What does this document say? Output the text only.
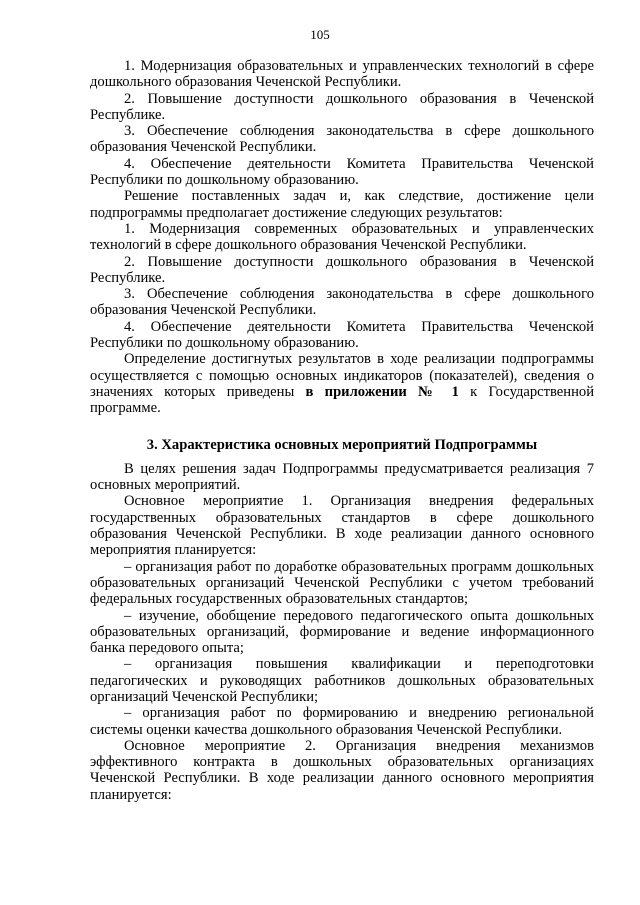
105

1. Модернизация образовательных и управленческих технологий в сфере дошкольного образования Чеченской Республики.

2. Повышение доступности дошкольного образования в Чеченской Республике.

3. Обеспечение соблюдения законодательства в сфере дошкольного образования Чеченской Республики.

4. Обеспечение деятельности Комитета Правительства Чеченской Республики по дошкольному образованию.

Решение поставленных задач и, как следствие, достижение цели подпрограммы предполагает достижение следующих результатов:

1. Модернизация современных образовательных и управленческих технологий в сфере дошкольного образования Чеченской Республики.

2. Повышение доступности дошкольного образования в Чеченской Республике.

3. Обеспечение соблюдения законодательства в сфере дошкольного образования Чеченской Республики.

4. Обеспечение деятельности Комитета Правительства Чеченской Республики по дошкольному образованию.

Определение достигнутых результатов в ходе реализации подпрограммы осуществляется с помощью основных индикаторов (показателей), сведения о значениях которых приведены в приложении № 1 к Государственной программе.

3. Характеристика основных мероприятий Подпрограммы

В целях решения задач Подпрограммы предусматривается реализация 7 основных мероприятий.

Основное мероприятие 1. Организация внедрения федеральных государственных образовательных стандартов в сфере дошкольного образования Чеченской Республики. В ходе реализации данного основного мероприятия планируется:

– организация работ по доработке образовательных программ дошкольных образовательных организаций Чеченской Республики с учетом требований федеральных государственных образовательных стандартов;

– изучение, обобщение передового педагогического опыта дошкольных образовательных организаций, формирование и ведение информационного банка передового опыта;

– организация повышения квалификации и переподготовки педагогических и руководящих работников дошкольных образовательных организаций Чеченской Республики;

– организация работ по формированию и внедрению региональной системы оценки качества дошкольного образования Чеченской Республики.

Основное мероприятие 2. Организация внедрения механизмов эффективного контракта в дошкольных образовательных организациях Чеченской Республики. В ходе реализации данного основного мероприятия планируется:
